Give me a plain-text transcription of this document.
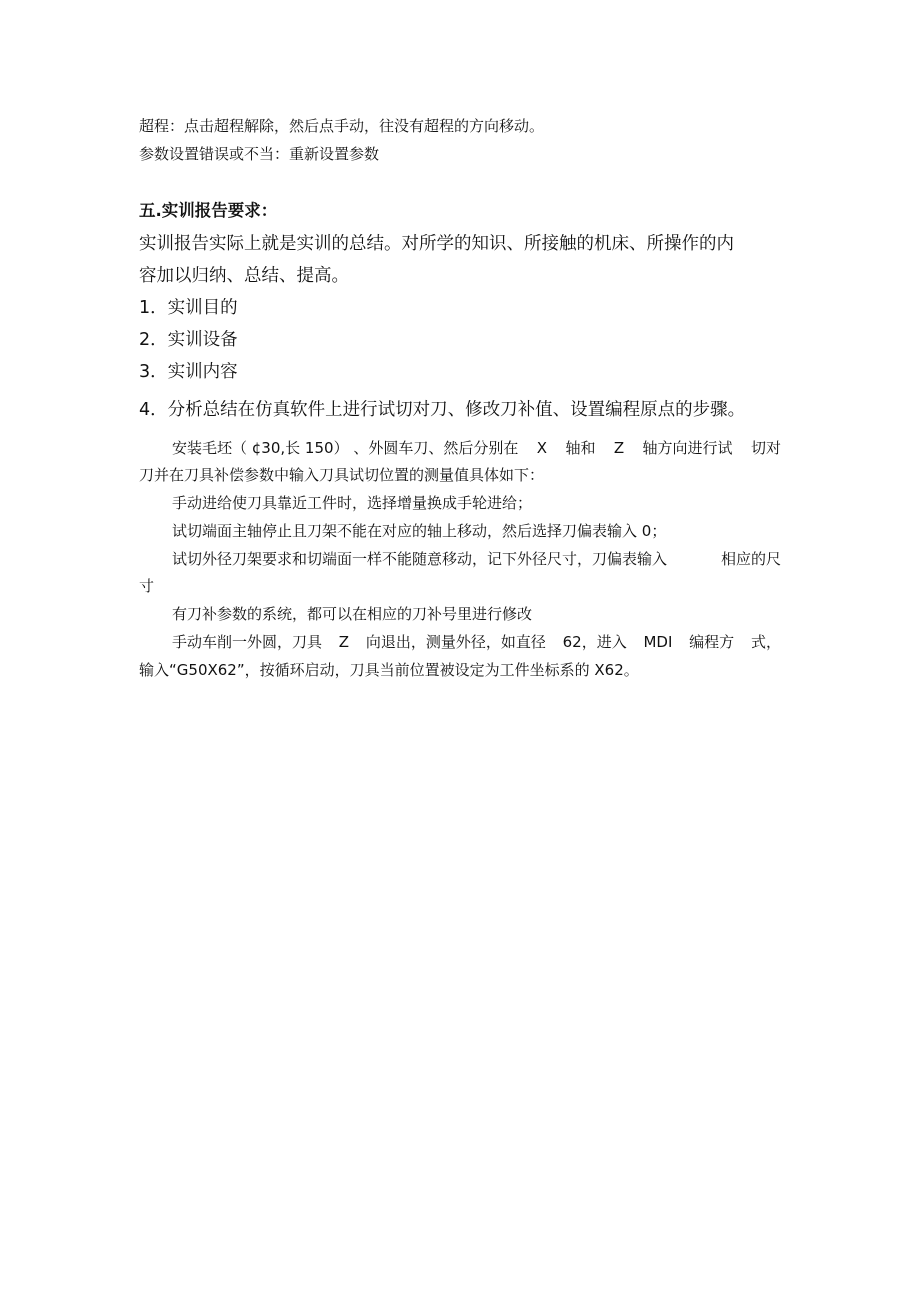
超程：点击超程解除，然后点手动，往没有超程的方向移动。
参数设置错误或不当：重新设置参数
五.实训报告要求：
实训报告实际上就是实训的总结。对所学的知识、所接触的机床、所操作的内
容加以归纳、总结、提高。
1．实训目的
2．实训设备
3．实训内容
4．分析总结在仿真软件上进行试切对刀、修改刀补值、设置编程原点的步骤。
安装毛坯（ ¢30,长 150） 、外圆车刀、然后分别在 X 轴和 Z 轴方向进行试 切对
刀并在刀具补偿参数中输入刀具试切位置的测量值具体如下：
手动进给使刀具靠近工件时，选择增量换成手轮进给；
试切端面主轴停止且刀架不能在对应的轴上移动，然后选择刀偏表输入 0；
试切外径刀架要求和切端面一样不能随意移动，记下外径尺寸，刀偏表输入	相应的尺
寸
有刀补参数的系统，都可以在相应的刀补号里进行修改
手动车削一外圆，刀具 Z 向退出，测量外径，如直径 62，进入 MDI 编程方 式，
输入“G50X62”，按循环启动，刀具当前位置被设定为工件坐标系的 X62。
